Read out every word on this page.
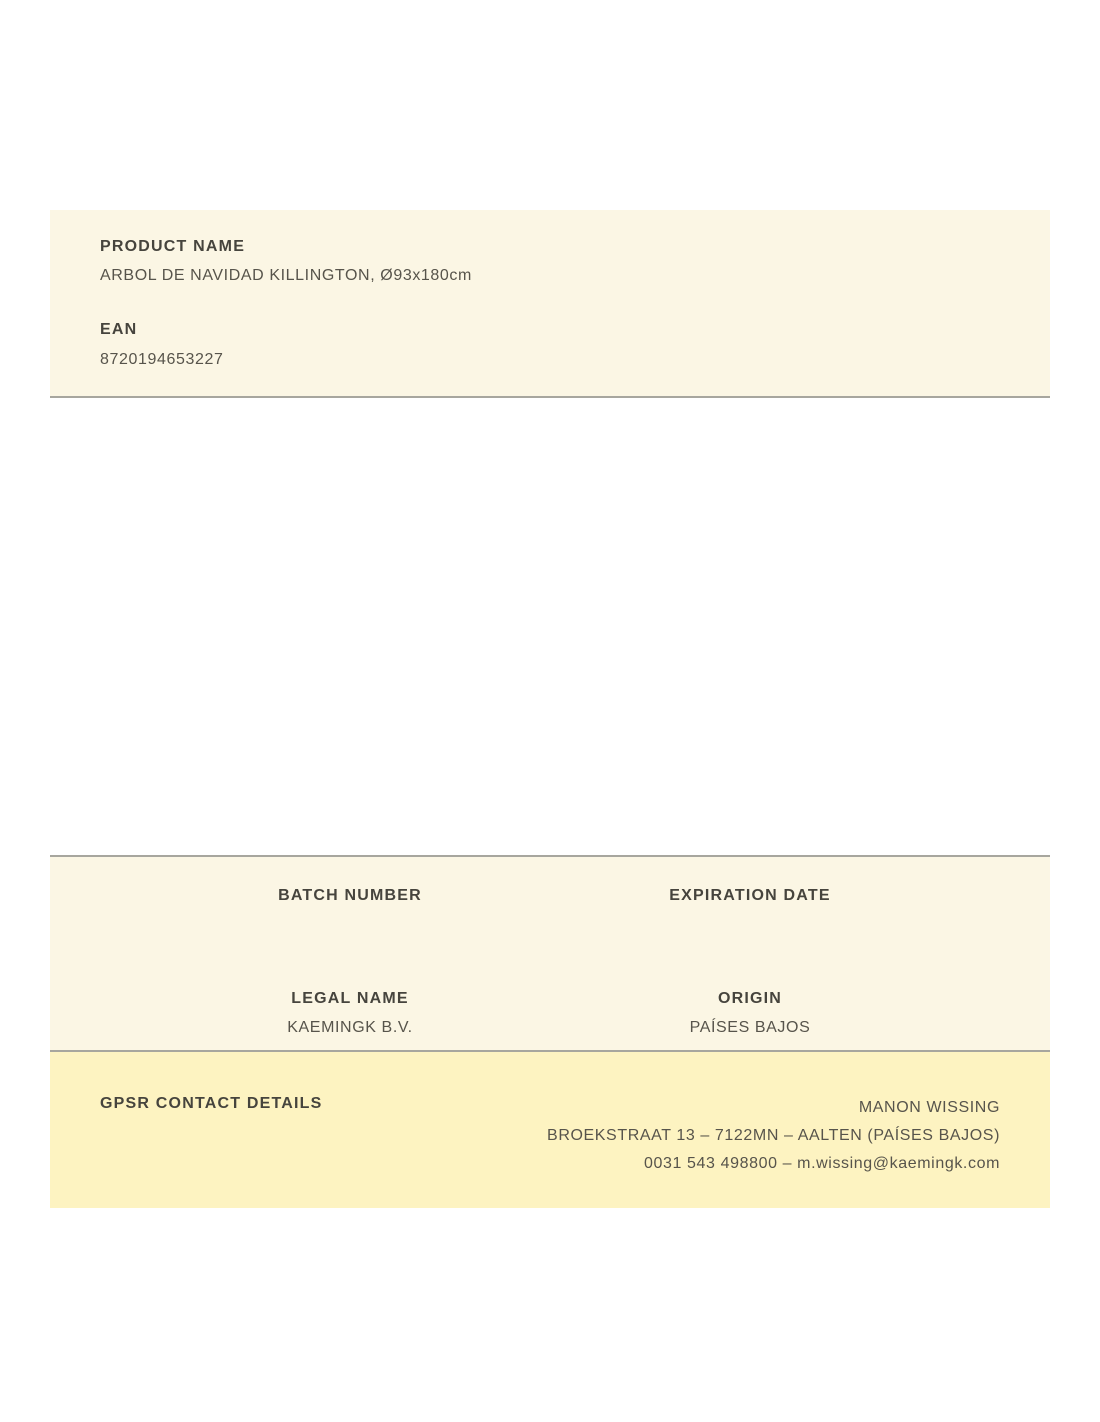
PRODUCT NAME
ARBOL DE NAVIDAD KILLINGTON, Ø93x180cm
EAN
8720194653227
BATCH NUMBER
LEGAL NAME
KAEMINGK B.V.
EXPIRATION DATE
ORIGIN
PAÍSES BAJOS
GPSR CONTACT DETAILS	MANON WISSING
BROEKSTRAAT 13 – 7122MN – AALTEN (PAÍSES BAJOS)
0031 543 498800 – m.wissing@kaemingk.com
